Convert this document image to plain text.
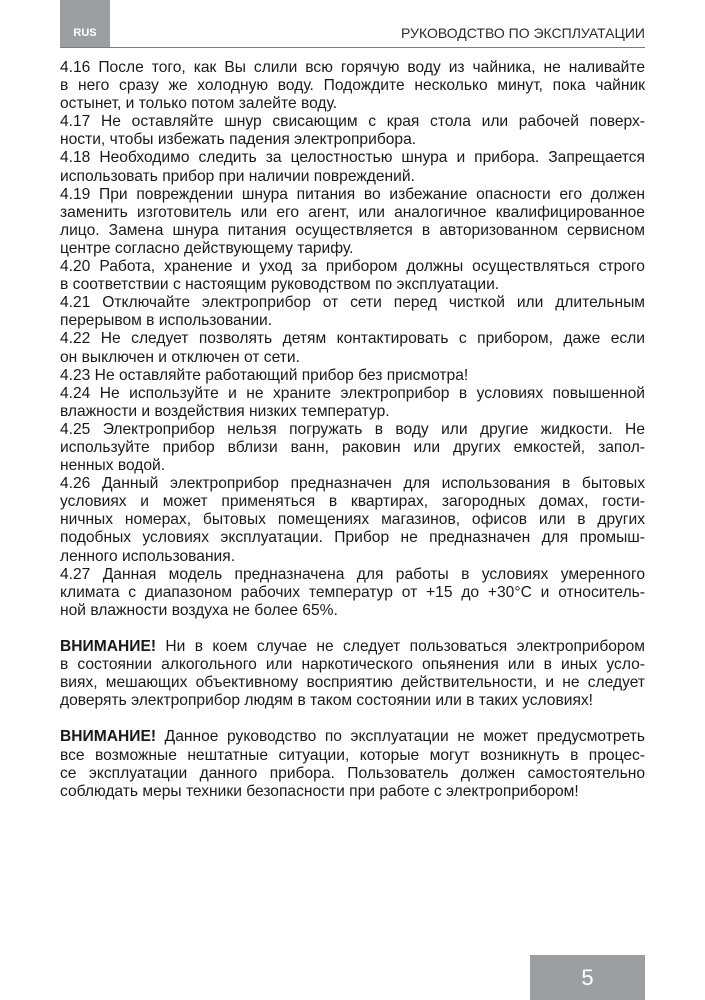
RUS	РУКОВОДСТВО ПО ЭКСПЛУАТАЦИИ
4.16 После того, как Вы слили всю горячую воду из чайника, не наливайте
в него сразу же холодную воду. Подождите несколько минут, пока чайник
остынет, и только потом залейте воду.
4.17 Не оставляйте шнур свисающим с края стола или рабочей поверх-
ности, чтобы избежать падения электроприбора.
4.18 Необходимо следить за целостностью шнура и прибора. Запрещается
использовать прибор при наличии повреждений.
4.19 При повреждении шнура питания во избежание опасности его должен
заменить изготовитель или его агент, или аналогичное квалифицированное
лицо. Замена шнура питания осуществляется в авторизованном сервисном
центре согласно действующему тарифу.
4.20 Работа, хранение и уход за прибором должны осуществляться строго
в соответствии с настоящим руководством по эксплуатации.
4.21 Отключайте электроприбор от сети перед чисткой или длительным
перерывом в использовании.
4.22 Не следует позволять детям контактировать с прибором, даже если
он выключен и отключен от сети.
4.23 Не оставляйте работающий прибор без присмотра!
4.24 Не используйте и не храните электроприбор в условиях повышенной
влажности и воздействия низких температур.
4.25 Электроприбор нельзя погружать в воду или другие жидкости. Не
используйте прибор вблизи ванн, раковин или других емкостей, запол-
ненных водой.
4.26 Данный электроприбор предназначен для использования в бытовых
условиях и может применяться в квартирах, загородных домах, гости-
ничных номерах, бытовых помещениях магазинов, офисов или в других
подобных условиях эксплуатации. Прибор не предназначен для промыш-
ленного использования.
4.27 Данная модель предназначена для работы в условиях умеренного
климата с диапазоном рабочих температур от +15 до +30°C и относитель-
ной влажности воздуха не более 65%.
ВНИМАНИЕ! Ни в коем случае не следует пользоваться электроприбором
в состоянии алкогольного или наркотического опьянения или в иных усло-
виях, мешающих объективному восприятию действительности, и не следует
доверять электроприбор людям в таком состоянии или в таких условиях!
ВНИМАНИЕ! Данное руководство по эксплуатации не может предусмотреть
все возможные нештатные ситуации, которые могут возникнуть в процес-
се эксплуатации данного прибора. Пользователь должен самостоятельно
соблюдать меры техники безопасности при работе с электроприбором!
5
